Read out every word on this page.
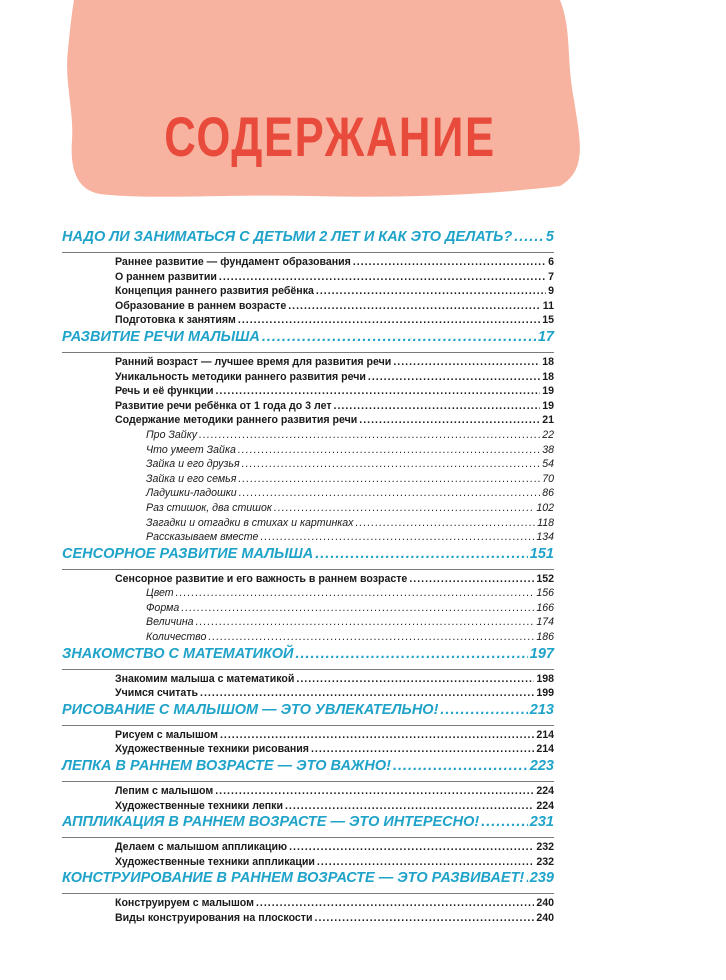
СОДЕРЖАНИЕ
НАДО ЛИ ЗАНИМАТЬСЯ С ДЕТЬМИ 2 ЛЕТ И КАК ЭТО ДЕЛАТЬ? ..... 5
Раннее развитие — фундамент образования .....	6
О раннем развитии .....	7
Концепция раннего развития ребёнка .....	9
Образование в раннем возрасте .....	11
Подготовка к занятиям .....	15
РАЗВИТИЕ РЕЧИ МАЛЫША .....	17
Ранний возраст — лучшее время для развития речи .....	18
Уникальность методики раннего развития речи .....	18
Речь и её функции .....	19
Развитие речи ребёнка от 1 года до 3 лет .....	19
Содержание методики раннего развития речи .....	21
Про Зайку .....	22
Что умеет Зайка .....	38
Зайка и его друзья .....	54
Зайка и его семья .....	70
Ладушки-ладошки .....	86
Раз стишок, два стишок .....	102
Загадки и отгадки в стихах и картинках .....	118
Рассказываем вместе .....	134
СЕНСОРНОЕ РАЗВИТИЕ МАЛЫША .....	151
Сенсорное развитие и его важность в раннем возрасте .....	152
Цвет .....	156
Форма .....	166
Величина .....	174
Количество .....	186
ЗНАКОМСТВО С МАТЕМАТИКОЙ .....	197
Знакомим малыша с математикой .....	198
Учимся считать .....	199
РИСОВАНИЕ С МАЛЫШОМ — ЭТО УВЛЕКАТЕЛЬНО! .....	213
Рисуем с малышом .....	214
Художественные техники рисования .....	214
ЛЕПКА В РАННЕМ ВОЗРАСТЕ — ЭТО ВАЖНО! .....	223
Лепим с малышом .....	224
Художественные техники лепки .....	224
АППЛИКАЦИЯ В РАННЕМ ВОЗРАСТЕ — ЭТО ИНТЕРЕСНО! .....	231
Делаем с малышом аппликацию .....	232
Художественные техники аппликации .....	232
КОНСТРУИРОВАНИЕ В РАННЕМ ВОЗРАСТЕ — ЭТО РАЗВИВАЕТ! ..... 239
Конструируем с малышом .....	240
Виды конструирования на плоскости .....	240
